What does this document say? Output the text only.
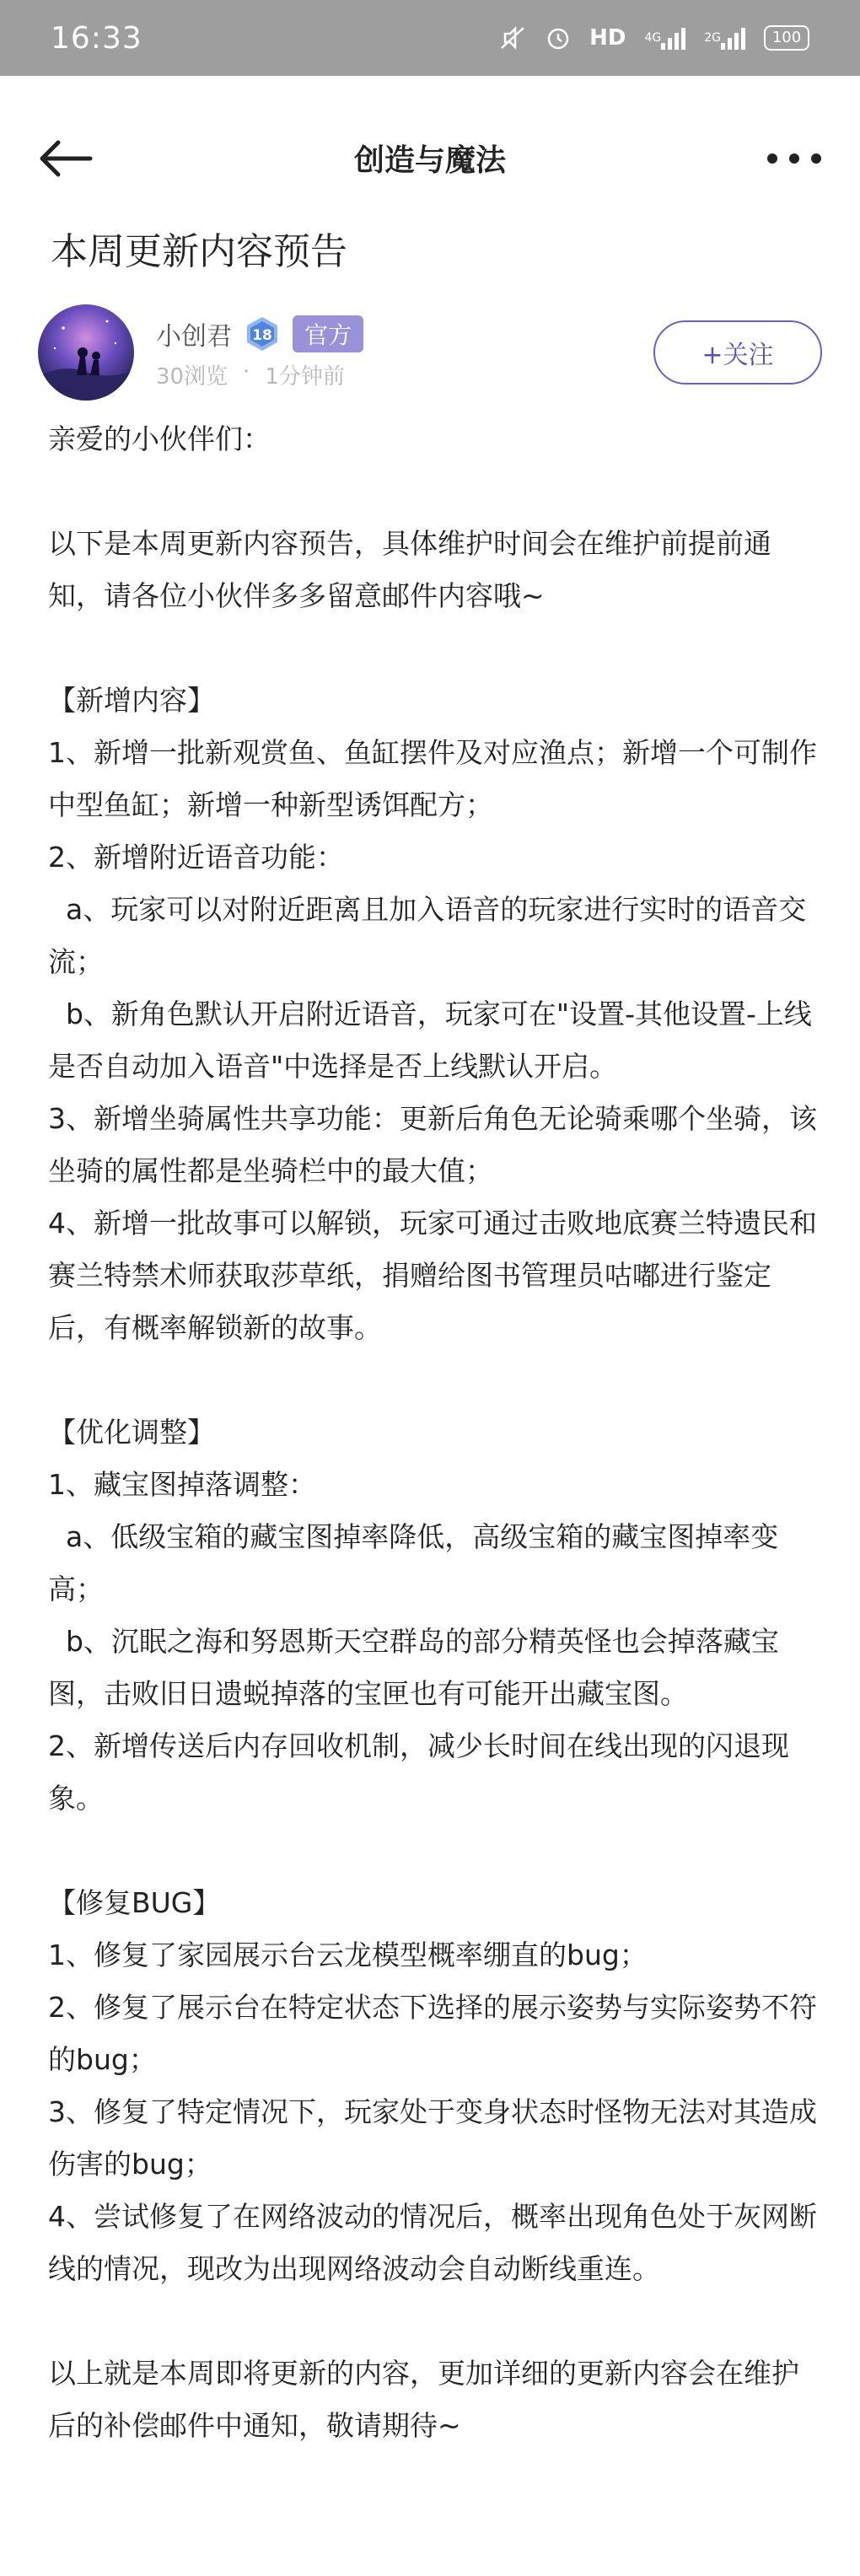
16:33	HD 4G	2G	100
创造与魔法
本周更新内容预告
小创君 18	官方
30浏览 · 1分钟前
+关注

亲爱的小伙伴们：

以下是本周更新内容预告，具体维护时间会在维护前提前通知，请各位小伙伴多多留意邮件内容哦~

【新增内容】

1、新增一批新观赏鱼、鱼缸摆件及对应渔点；新增一个可制作中型鱼缸；新增一种新型诱饵配方；

2、新增附近语音功能：

a、玩家可以对附近距离且加入语音的玩家进行实时的语音交流；

b、新角色默认开启附近语音，玩家可在"设置-其他设置-上线是否自动加入语音"中选择是否上线默认开启。

3、新增坐骑属性共享功能：更新后角色无论骑乘哪个坐骑，该坐骑的属性都是坐骑栏中的最大值；

4、新增一批故事可以解锁，玩家可通过击败地底赛兰特遗民和赛兰特禁术师获取莎草纸，捐赠给图书管理员咕嘟进行鉴定后，有概率解锁新的故事。

【优化调整】

1、藏宝图掉落调整：

a、低级宝箱的藏宝图掉率降低，高级宝箱的藏宝图掉率变高；

b、沉眠之海和努恩斯天空群岛的部分精英怪也会掉落藏宝图，击败旧日遗蜕掉落的宝匣也有可能开出藏宝图。

2、新增传送后内存回收机制，减少长时间在线出现的闪退现象。

【修复BUG】

1、修复了家园展示台云龙模型概率绷直的bug；

2、修复了展示台在特定状态下选择的展示姿势与实际姿势不符的bug；

3、修复了特定情况下，玩家处于变身状态时怪物无法对其造成伤害的bug；

4、尝试修复了在网络波动的情况后，概率出现角色处于灰网断线的情况，现改为出现网络波动会自动断线重连。

以上就是本周即将更新的内容，更加详细的更新内容会在维护后的补偿邮件中通知，敬请期待~
